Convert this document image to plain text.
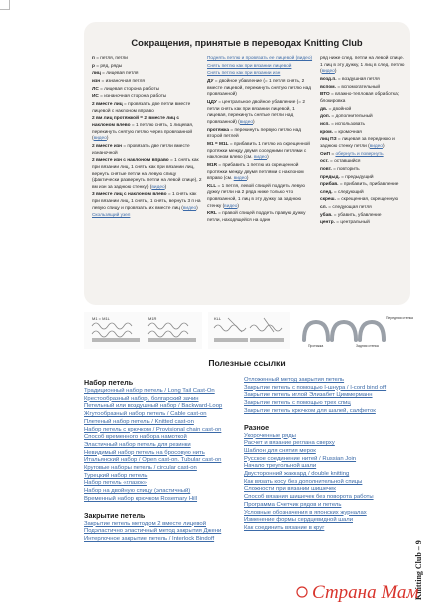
Сокращения, принятые в переводах Knitting Club

п = петля, петли

р = ряд, ряды

лиц = лицевая петля

изн = изнаночная петля

ЛС = лицевая сторона работы

ИС = изнаночная сторона работы

2 вместе лиц = провязать две петли вместе лицевой с наклоном вправо

2 вм лиц протяжкой = 2 вместе лиц с наклоном влево = 1 петлю снять, 1 лицевая, перекинуть снятую петлю через провязанной (видео)

2 вместе изн = провязать две петли вместе изнаночной

2 вместе изн с наклоном вправо = 1 снять как при вязании лиц, 1 снять как при вязании лиц, вернуть снятые петли на левую спицу (фактически развернуть петли на левой спице), 2 вм изн за заднюю стенку) (видео)

3 вместе лиц с наклоном влево = 1 снять как при вязании лиц, 1 снять, 1 снять, вернуть 3 п на левую спицу и провязать их вместе лиц (видео)

Скользящий узел

Поднять петлю и провязать ее лицевой (видео)

Снять петлю как при вязании лицевой

Снять петлю как при вязании изн

ДУ = двойное убавление (= 1 петля снять, 2 вместе лицевой, перекинуть снятую петлю над провязанной)

ЦДУ = центральное двойное убавление (= 2 петли снять как при вязании лицевой, 1 лицевая, перекинуть снятые петли над провязанной) (видео)

протяжка = перекинуть первую петлю над второй петлей

M1 = M1L = прибавить 1 петлю из скрещенной протяжки между двумя соседними петлями с наклоном влево (см. видео)

M1R = прибавить 1 петлю из скрещенной протяжки между двумя петлями с наклоном вправо (см. видео)

KLL = 1 петля, левой спицей поддеть левую дужку петли на 2 ряда ниже только что провязанной, 1 лиц в эту дужку за заднюю стенку (видео)

KRL = правой спицей поддеть правую дужку петли, находящейся на один

ряд ниже след. петли на левой спице. 1 лиц в эту дужку, 1 лиц в след. петлю (видео)

возд.п. = воздушная петля

вспом. = вспомогательный

ВТО = влажно-тепловая обработка; блокировка

дв. = двойной

доп. = дополнительный

исп. = использовать

кром. = кромочная

лиц ПЗ = лицевая за переднюю и заднюю стенку петли (видео)

ОиП = обернуть и повернуть

ост. = оставшийся

повт. = повторить

предыд. = предыдущий

прибав. = прибавить, прибавление

след. = следующий

скреш. = скрещенная, скрещенную

сл. = следующая петля

убав. = убавить, убавление

центр. = центральный

M1 = M1L	M1R	KLL	Передняя стенка
Протяжка	Задняя стенка
Полезные ссылки
Набор петель
Традиционный набор петель / Long Tail Cast-On
Крестообразный набор, болгарский зачин
Петельный или воздушный набор / Backward-Loop
Жгутообразный набор петель / Cable cast-on
Плетеный набор петель / Knitted cast-on
Набор петель с крючком / Provisional chain cast-on
Способ временного набора намоткой
Эластичный набор петель для резинки
Невидимый набор петель на бросовую нить
Итальянский набор / Open cast-on. Tubular cast-on
Круговые наборы петель / circular cast-on
Турецкий набор петель
Набор петель «глазок»
Набор на двойную спицу (эластичный)
Временный набор крючком Rosemary Hill
Закрытие петель
Закрытие петель методом 2 вместе лицевой
Подэластично эластичный метод закрытия Джени
Интерлочное закрытие петель / Interlock Bindoff
Отложенный метод закрытия петель
Закрытие петель с помощью I-шнура / I-cord bind off
Закрытие петель иглой Элизабет Циммерманн
Закрытие петель с помощью трех спиц
Закрытие петель крючком для шалей, салфеток
Разное
Укороченные ряды
Расчет и вязание реглана сверху
Шаблон для снятия мерок
Русское соединение нитей / Russian Join
Начало треугольной шали
Двусторонний жаккард / double knitting
Как вязать косу без дополнительной спицы
Сложности при вязании шишечек
Способ вязания шишечек без поворота работы
Программа Счетчик рядов и петель
Условные обозначения в японских журналах
Изменение формы сердцевидной шали
Как соединить вязание в круг
Knitting Club – 9
Страна Мам
